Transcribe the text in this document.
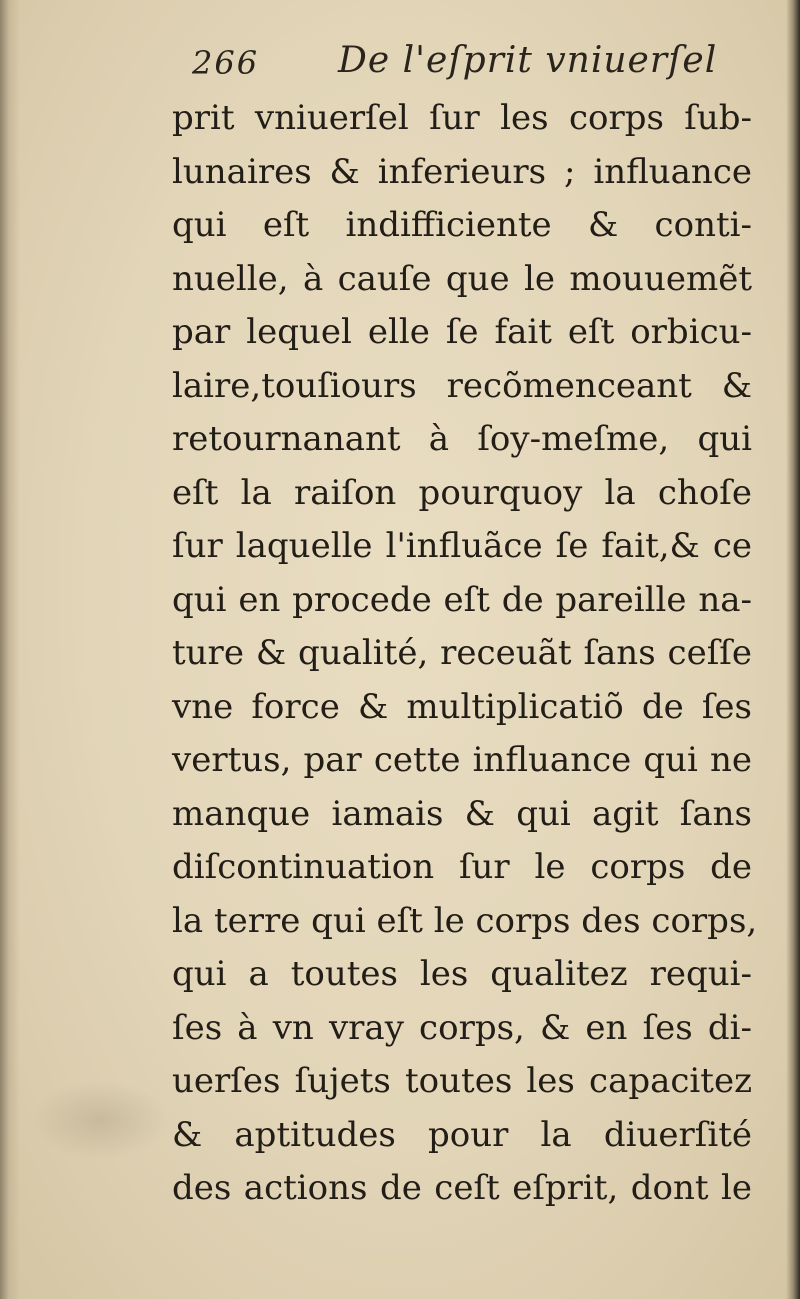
266 De l'eſprit vniuerſel
prit vniuerſel ſur les corps ſub-
lunaires & inferieurs ; influance
qui eſt indifficiente & conti-
nuelle, à cauſe que le mouuemẽt
par lequel elle ſe fait eſt orbicu-
laire,touſiours recõmenceant &
retournanant à ſoy-meſme, qui
eſt la raiſon pourquoy la choſe
ſur laquelle l'influãce ſe fait,& ce
qui en procede eſt de pareille na-
ture & qualité, receuãt ſans ceſſe
vne force & multiplicatiõ de ſes
vertus, par cette influance qui ne
manque iamais & qui agit ſans
diſcontinuation ſur le corps de
la terre qui eſt le corps des corps,
qui a toutes les qualitez requi-
ſes à vn vray corps, & en ſes di-
uerſes ſujets toutes les capacitez
& aptitudes pour la diuerſité
des actions de ceſt eſprit, dont le
